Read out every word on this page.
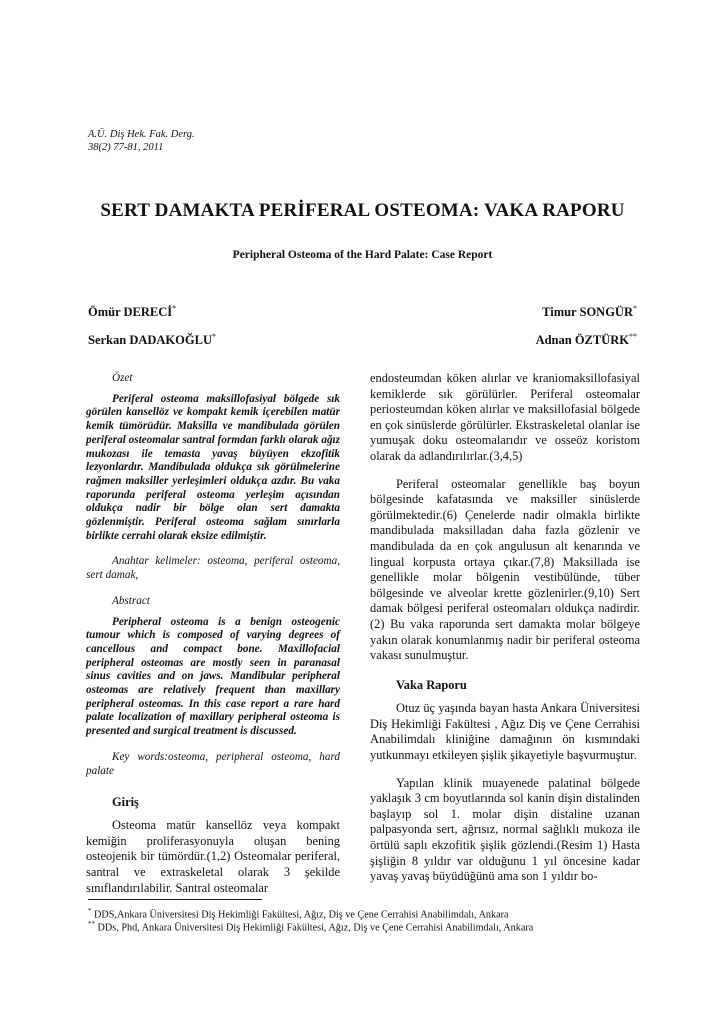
A.Ü. Diş Hek. Fak. Derg.
38(2) 77-81, 2011
SERT DAMAKTA PERİFERAL OSTEOMA: VAKA RAPORU
Peripheral Osteoma of the Hard Palate: Case Report
Ömür DERECİ*
Serkan DADAKOĞLU*
Timur SONGÜR*
Adnan ÖZTÜRK**

Özet

Periferal osteoma maksillofasiyal bölgede sık görülen kansellöz ve kompakt kemik içerebilen matür kemik tümörüdür. Maksilla ve mandibulada görülen periferal osteomalar santral formdan farklı olarak ağız mukozası ile temasta yavaş büyüyen ekzofitik lezyonlardır. Mandibulada oldukça sık görülmelerine rağmen maksiller yerleşimleri oldukça azdır. Bu vaka raporunda periferal osteoma yerleşim açısından oldukça nadir bir bölge olan sert damakta gözlenmiştir. Periferal osteoma sağlam sınırlarla birlikte cerrahi olarak eksize edilmiştir.

Anahtar kelimeler: osteoma, periferal osteoma, sert damak,

Abstract

Peripheral osteoma is a benign osteogenic tumour which is composed of varying degrees of cancellous and compact bone. Maxillofacial peripheral osteomas are mostly seen in paranasal sinus cavities and on jaws. Mandibular peripheral osteomas are relatively frequent than maxillary peripheral osteomas. In this case report a rare hard palate localization of maxillary peripheral osteoma is presented and surgical treatment is discussed.

Key words:osteoma, peripheral osteoma, hard palate

Giriş

Osteoma matür kansellöz veya kompakt kemiğin proliferasyonuyla oluşan bening osteojenik bir tümördür.(1,2) Osteomalar periferal, santral ve extraskeletal olarak 3 şekilde sınıflandırılabilir. Santral osteomalar

endosteumdan köken alırlar ve kraniomaksillofasiyal kemiklerde sık görülürler. Periferal osteomalar periosteumdan köken alırlar ve maksillofasial bölgede en çok sinüslerde görülürler. Ekstraskeletal olanlar ise yumuşak doku osteomalarıdır ve osseöz koristom olarak da adlandırılırlar.(3,4,5)

Periferal osteomalar genellikle baş boyun bölgesinde kafatasında ve maksiller sinüslerde görülmektedir.(6) Çenelerde nadir olmakla birlikte mandibulada maksilladan daha fazla gözlenir ve mandibulada da en çok angulusun alt kenarında ve lingual korpusta ortaya çıkar.(7,8) Maksillada ise genellikle molar bölgenin vestibülünde, tüber bölgesinde ve alveolar krette gözlenirler.(9,10) Sert damak bölgesi periferal osteomaları oldukça nadirdir.(2) Bu vaka raporunda sert damakta molar bölgeye yakın olarak konumlanmış nadir bir periferal osteoma vakası sunulmuştur.

Vaka Raporu

Otuz üç yaşında bayan hasta Ankara Üniversitesi Diş Hekimliği Fakültesi , Ağız Diş ve Çene Cerrahisi Anabilimdalı kliniğine damağının ön kısmındaki yutkunmayı etkileyen şişlik şikayetiyle başvurmuştur.

Yapılan klinik muayenede palatinal bölgede yaklaşık 3 cm boyutlarında sol kanin dişin distalinden başlayıp sol 1. molar dişin distaline uzanan palpasyonda sert, ağrısız, normal sağlıklı mukoza ile örtülü saplı ekzofitik şişlik gözlendi.(Resim 1) Hasta şişliğin 8 yıldır var olduğunu 1 yıl öncesine kadar yavaş yavaş büyüdüğünü ama son 1 yıldır bo-

* DDS,Ankara Üniversitesi Diş Hekimliği Fakültesi, Ağız, Diş ve Çene Cerrahisi Anabilimdalı, Ankara
** DDs, Phd, Ankara Üniversitesi Diş Hekimliği Fakültesi, Ağız, Diş ve Çene Cerrahisi Anabilimdalı, Ankara
